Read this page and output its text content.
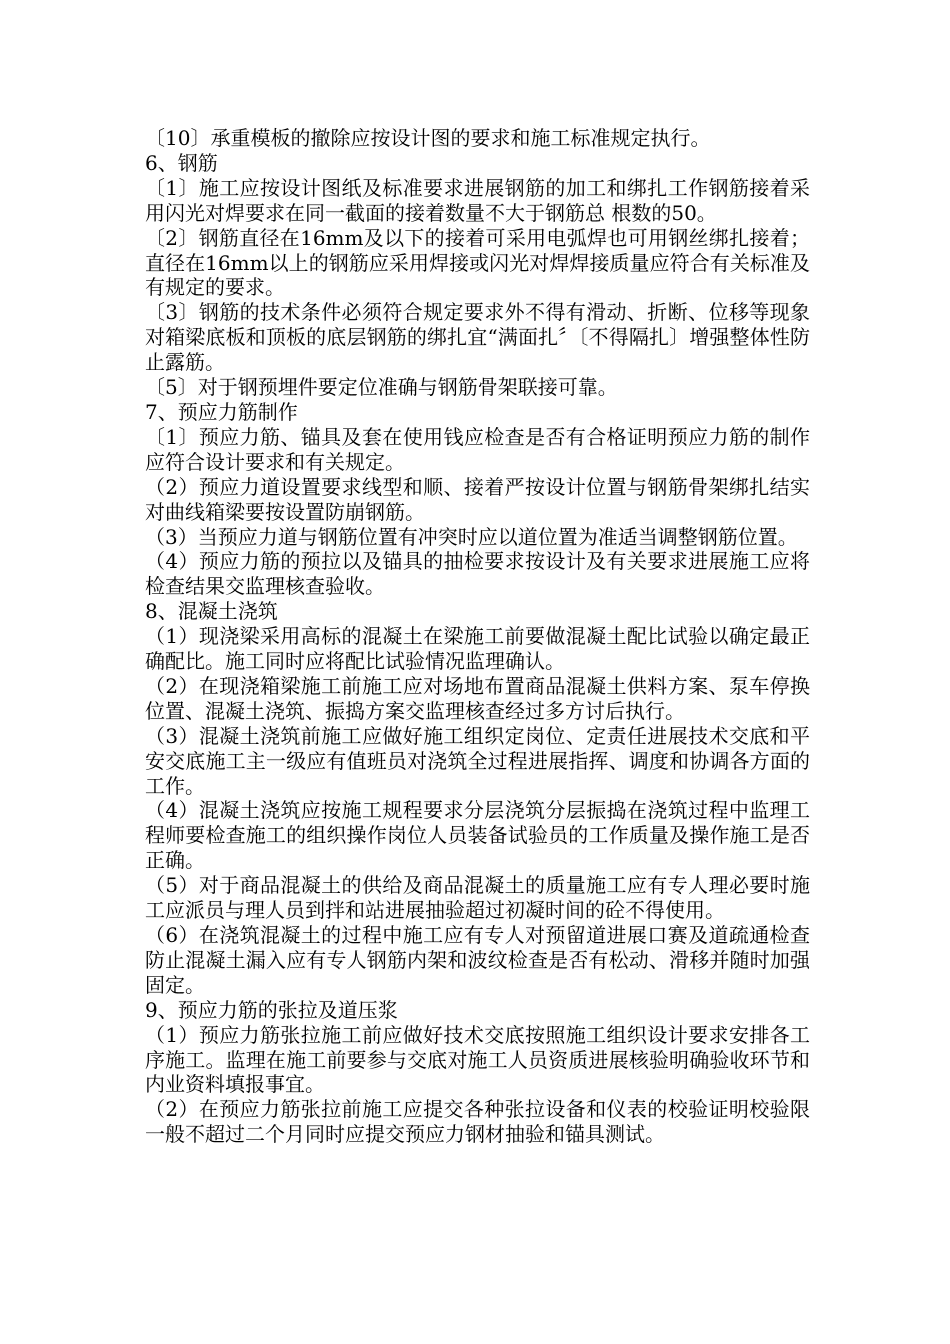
〔10〕承重模板的撤除应按设计图的要求和施工标准规定执行。

6、钢筋

〔1〕施工应按设计图纸及标准要求进展钢筋的加工和绑扎工作钢筋接着采用闪光对焊要求在同一截面的接着数量不大于钢筋总 根数的50。

〔2〕钢筋直径在16mm及以下的接着可采用电弧焊也可用钢丝绑扎接着；直径在16mm以上的钢筋应采用焊接或闪光对焊焊接质量应符合有关标准及有规定的要求。

〔3〕钢筋的技术条件必须符合规定要求外不得有滑动、折断、位移等现象对箱梁底板和顶板的底层钢筋的绑扎宜“满面扎〞〔不得隔扎〕增强整体性防止露筋。

〔5〕对于钢预埋件要定位准确与钢筋骨架联接可靠。

7、预应力筋制作

〔1〕预应力筋、锚具及套在使用钱应检查是否有合格证明预应力筋的制作应符合设计要求和有关规定。

（2）预应力道设置要求线型和顺、接着严按设计位置与钢筋骨架绑扎结实对曲线箱梁要按设置防崩钢筋。

（3）当预应力道与钢筋位置有冲突时应以道位置为准适当调整钢筋位置。

（4）预应力筋的预拉以及锚具的抽检要求按设计及有关要求进展施工应将检查结果交监理核查验收。

8、混凝土浇筑

（1）现浇梁采用高标的混凝土在梁施工前要做混凝土配比试验以确定最正确配比。施工同时应将配比试验情况监理确认。

（2）在现浇箱梁施工前施工应对场地布置商品混凝土供料方案、泵车停换位置、混凝土浇筑、振捣方案交监理核查经过多方讨后执行。

（3）混凝土浇筑前施工应做好施工组织定岗位、定责任进展技术交底和平安交底施工主一级应有值班员对浇筑全过程进展指挥、调度和协调各方面的工作。

（4）混凝土浇筑应按施工规程要求分层浇筑分层振捣在浇筑过程中监理工程师要检查施工的组织操作岗位人员装备试验员的工作质量及操作施工是否正确。

（5）对于商品混凝土的供给及商品混凝土的质量施工应有专人理必要时施工应派员与理人员到拌和站进展抽验超过初凝时间的砼不得使用。

（6）在浇筑混凝土的过程中施工应有专人对预留道进展口赛及道疏通检查防止混凝土漏入应有专人钢筋内架和波纹检查是否有松动、滑移并随时加强固定。

9、预应力筋的张拉及道压浆

（1）预应力筋张拉施工前应做好技术交底按照施工组织设计要求安排各工序施工。监理在施工前要参与交底对施工人员资质进展核验明确验收环节和内业资料填报事宜。

（2）在预应力筋张拉前施工应提交各种张拉设备和仪表的校验证明校验限一般不超过二个月同时应提交预应力钢材抽验和锚具测试。
